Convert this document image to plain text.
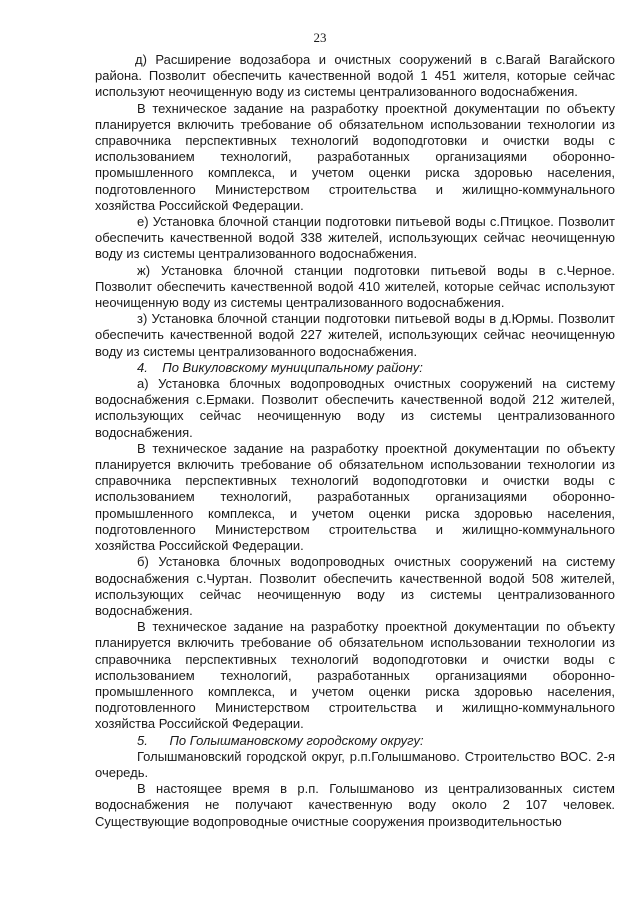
23

д) Расширение водозабора и очистных сооружений в с.Вагай Вагайского района. Позволит обеспечить качественной водой 1 451 жителя, которые сейчас используют неочищенную воду из системы централизованного водоснабжения.

В техническое задание на разработку проектной документации по объекту планируется включить требование об обязательном использовании технологии из справочника перспективных технологий водоподготовки и очистки воды с использованием технологий, разработанных организациями оборонно-промышленного комплекса, и учетом оценки риска здоровью населения, подготовленного Министерством строительства и жилищно-коммунального хозяйства Российской Федерации.

е) Установка блочной станции подготовки питьевой воды с.Птицкое. Позволит обеспечить качественной водой 338 жителей, использующих сейчас неочищенную воду из системы централизованного водоснабжения.

ж) Установка блочной станции подготовки питьевой воды в с.Черное. Позволит обеспечить качественной водой 410 жителей, которые сейчас используют неочищенную воду из системы централизованного водоснабжения.

з) Установка блочной станции подготовки питьевой воды в д.Юрмы. Позволит обеспечить качественной водой 227 жителей, использующих сейчас неочищенную воду из системы централизованного водоснабжения.

4.    По Викуловскому муниципальному району:

а) Установка блочных водопроводных очистных сооружений на систему водоснабжения с.Ермаки. Позволит обеспечить качественной водой 212 жителей, использующих сейчас неочищенную воду из системы централизованного водоснабжения.

В техническое задание на разработку проектной документации по объекту планируется включить требование об обязательном использовании технологии из справочника перспективных технологий водоподготовки и очистки воды с использованием технологий, разработанных организациями оборонно-промышленного комплекса, и учетом оценки риска здоровью населения, подготовленного Министерством строительства и жилищно-коммунального хозяйства Российской Федерации.

б) Установка блочных водопроводных очистных сооружений на систему водоснабжения с.Чуртан. Позволит обеспечить качественной водой 508 жителей, использующих сейчас неочищенную воду из системы централизованного водоснабжения.

В техническое задание на разработку проектной документации по объекту планируется включить требование об обязательном использовании технологии из справочника перспективных технологий водоподготовки и очистки воды с использованием технологий, разработанных организациями оборонно-промышленного комплекса, и учетом оценки риска здоровью населения, подготовленного Министерством строительства и жилищно-коммунального хозяйства Российской Федерации.

5.      По Голышмановскому городскому округу:

Голышмановский городской округ, р.п.Голышманово. Строительство ВОС. 2-я очередь.

В настоящее время в р.п. Голышманово из централизованных систем водоснабжения не получают качественную воду около 2 107 человек. Существующие водопроводные очистные сооружения производительностью
